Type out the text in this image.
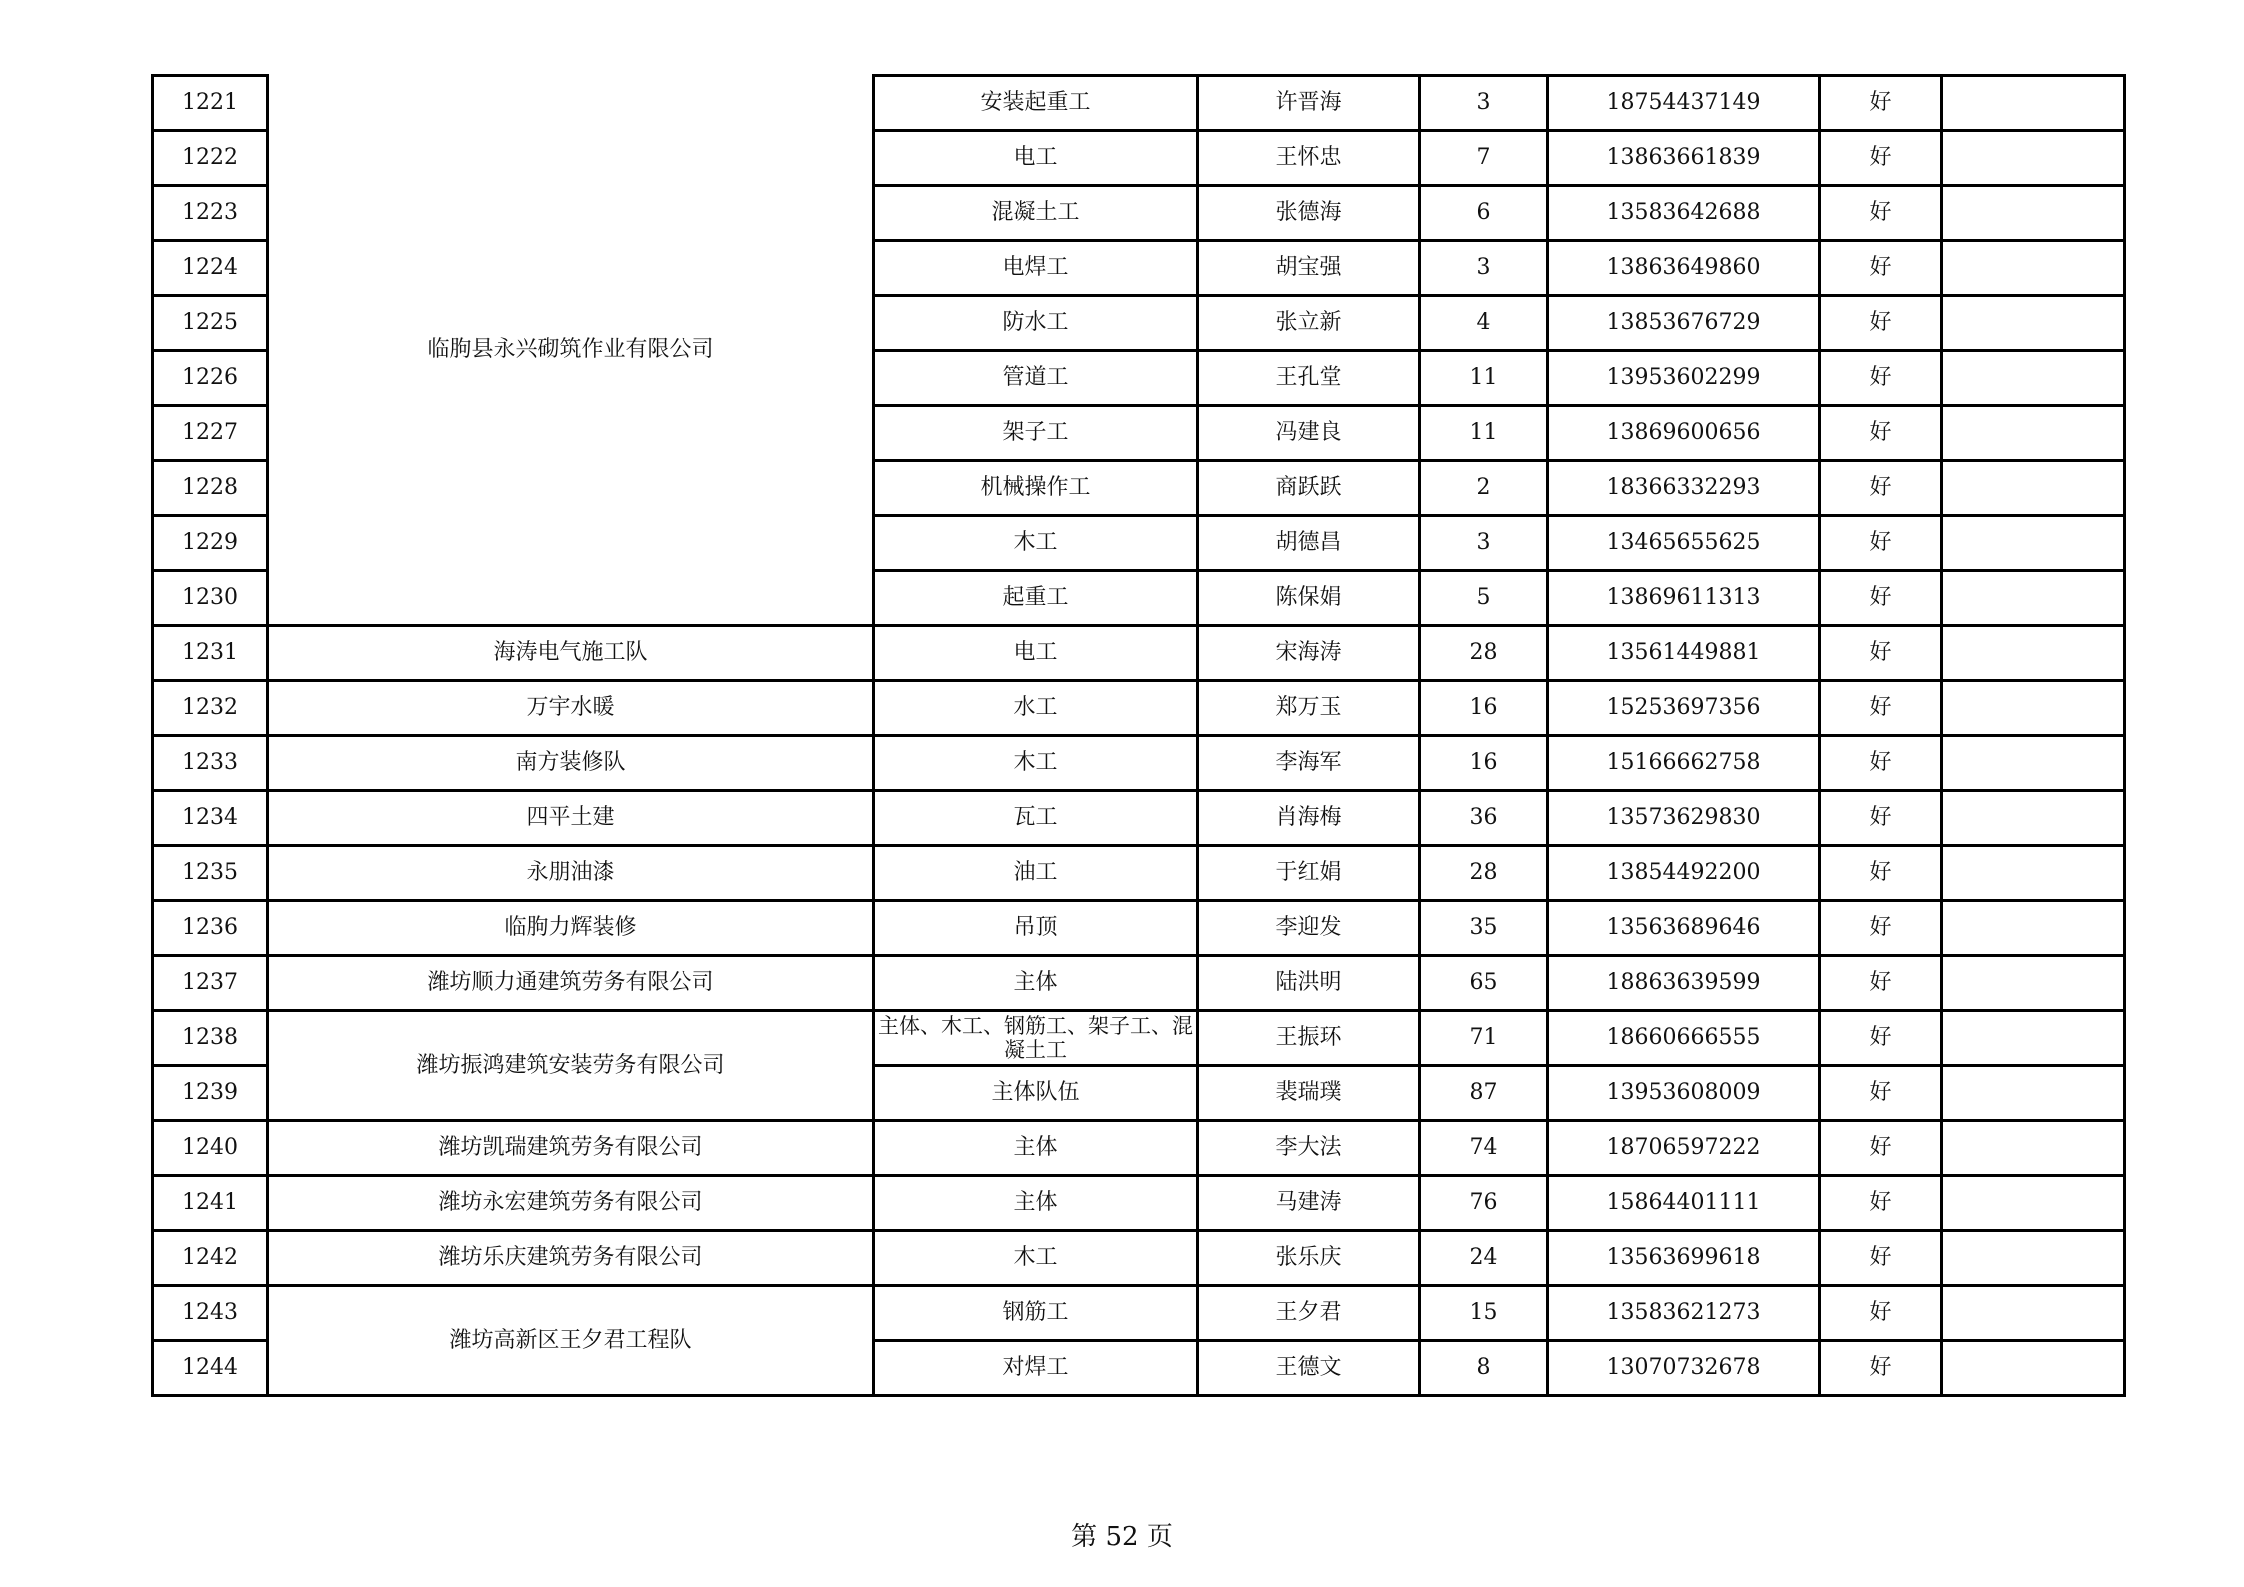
1221	临朐县永兴砌筑作业有限公司	安装起重工	许晋海	3	18754437149	好	
1222		电工	王怀忠	7	13863661839	好	
1223		混凝土工	张德海	6	13583642688	好	
1224		电焊工	胡宝强	3	13863649860	好	
1225		防水工	张立新	4	13853676729	好	
1226		管道工	王孔堂	11	13953602299	好	
1227		架子工	冯建良	11	13869600656	好	
1228		机械操作工	商跃跃	2	18366332293	好	
1229		木工	胡德昌	3	13465655625	好	
1230		起重工	陈保娟	5	13869611313	好	
1231	海涛电气施工队	电工	宋海涛	28	13561449881	好	
1232	万宇水暖	水工	郑万玉	16	15253697356	好	
1233	南方装修队	木工	李海军	16	15166662758	好	
1234	四平土建	瓦工	肖海梅	36	13573629830	好	
1235	永朋油漆	油工	于红娟	28	13854492200	好	
1236	临朐力辉装修	吊顶	李迎发	35	13563689646	好	
1237	潍坊顺力通建筑劳务有限公司	主体	陆洪明	65	18863639599	好	
1238	潍坊振鸿建筑安装劳务有限公司	主体、木工、钢筋工、架子工、混凝土工	王振环	71	18660666555	好	
1239		主体队伍	裴瑞璞	87	13953608009	好	
1240	潍坊凯瑞建筑劳务有限公司	主体	李大法	74	18706597222	好	
1241	潍坊永宏建筑劳务有限公司	主体	马建涛	76	15864401111	好	
1242	潍坊乐庆建筑劳务有限公司	木工	张乐庆	24	13563699618	好	
1243	潍坊高新区王夕君工程队	钢筋工	王夕君	15	13583621273	好	
1244		对焊工	王德文	8	13070732678	好	
第 52 页
